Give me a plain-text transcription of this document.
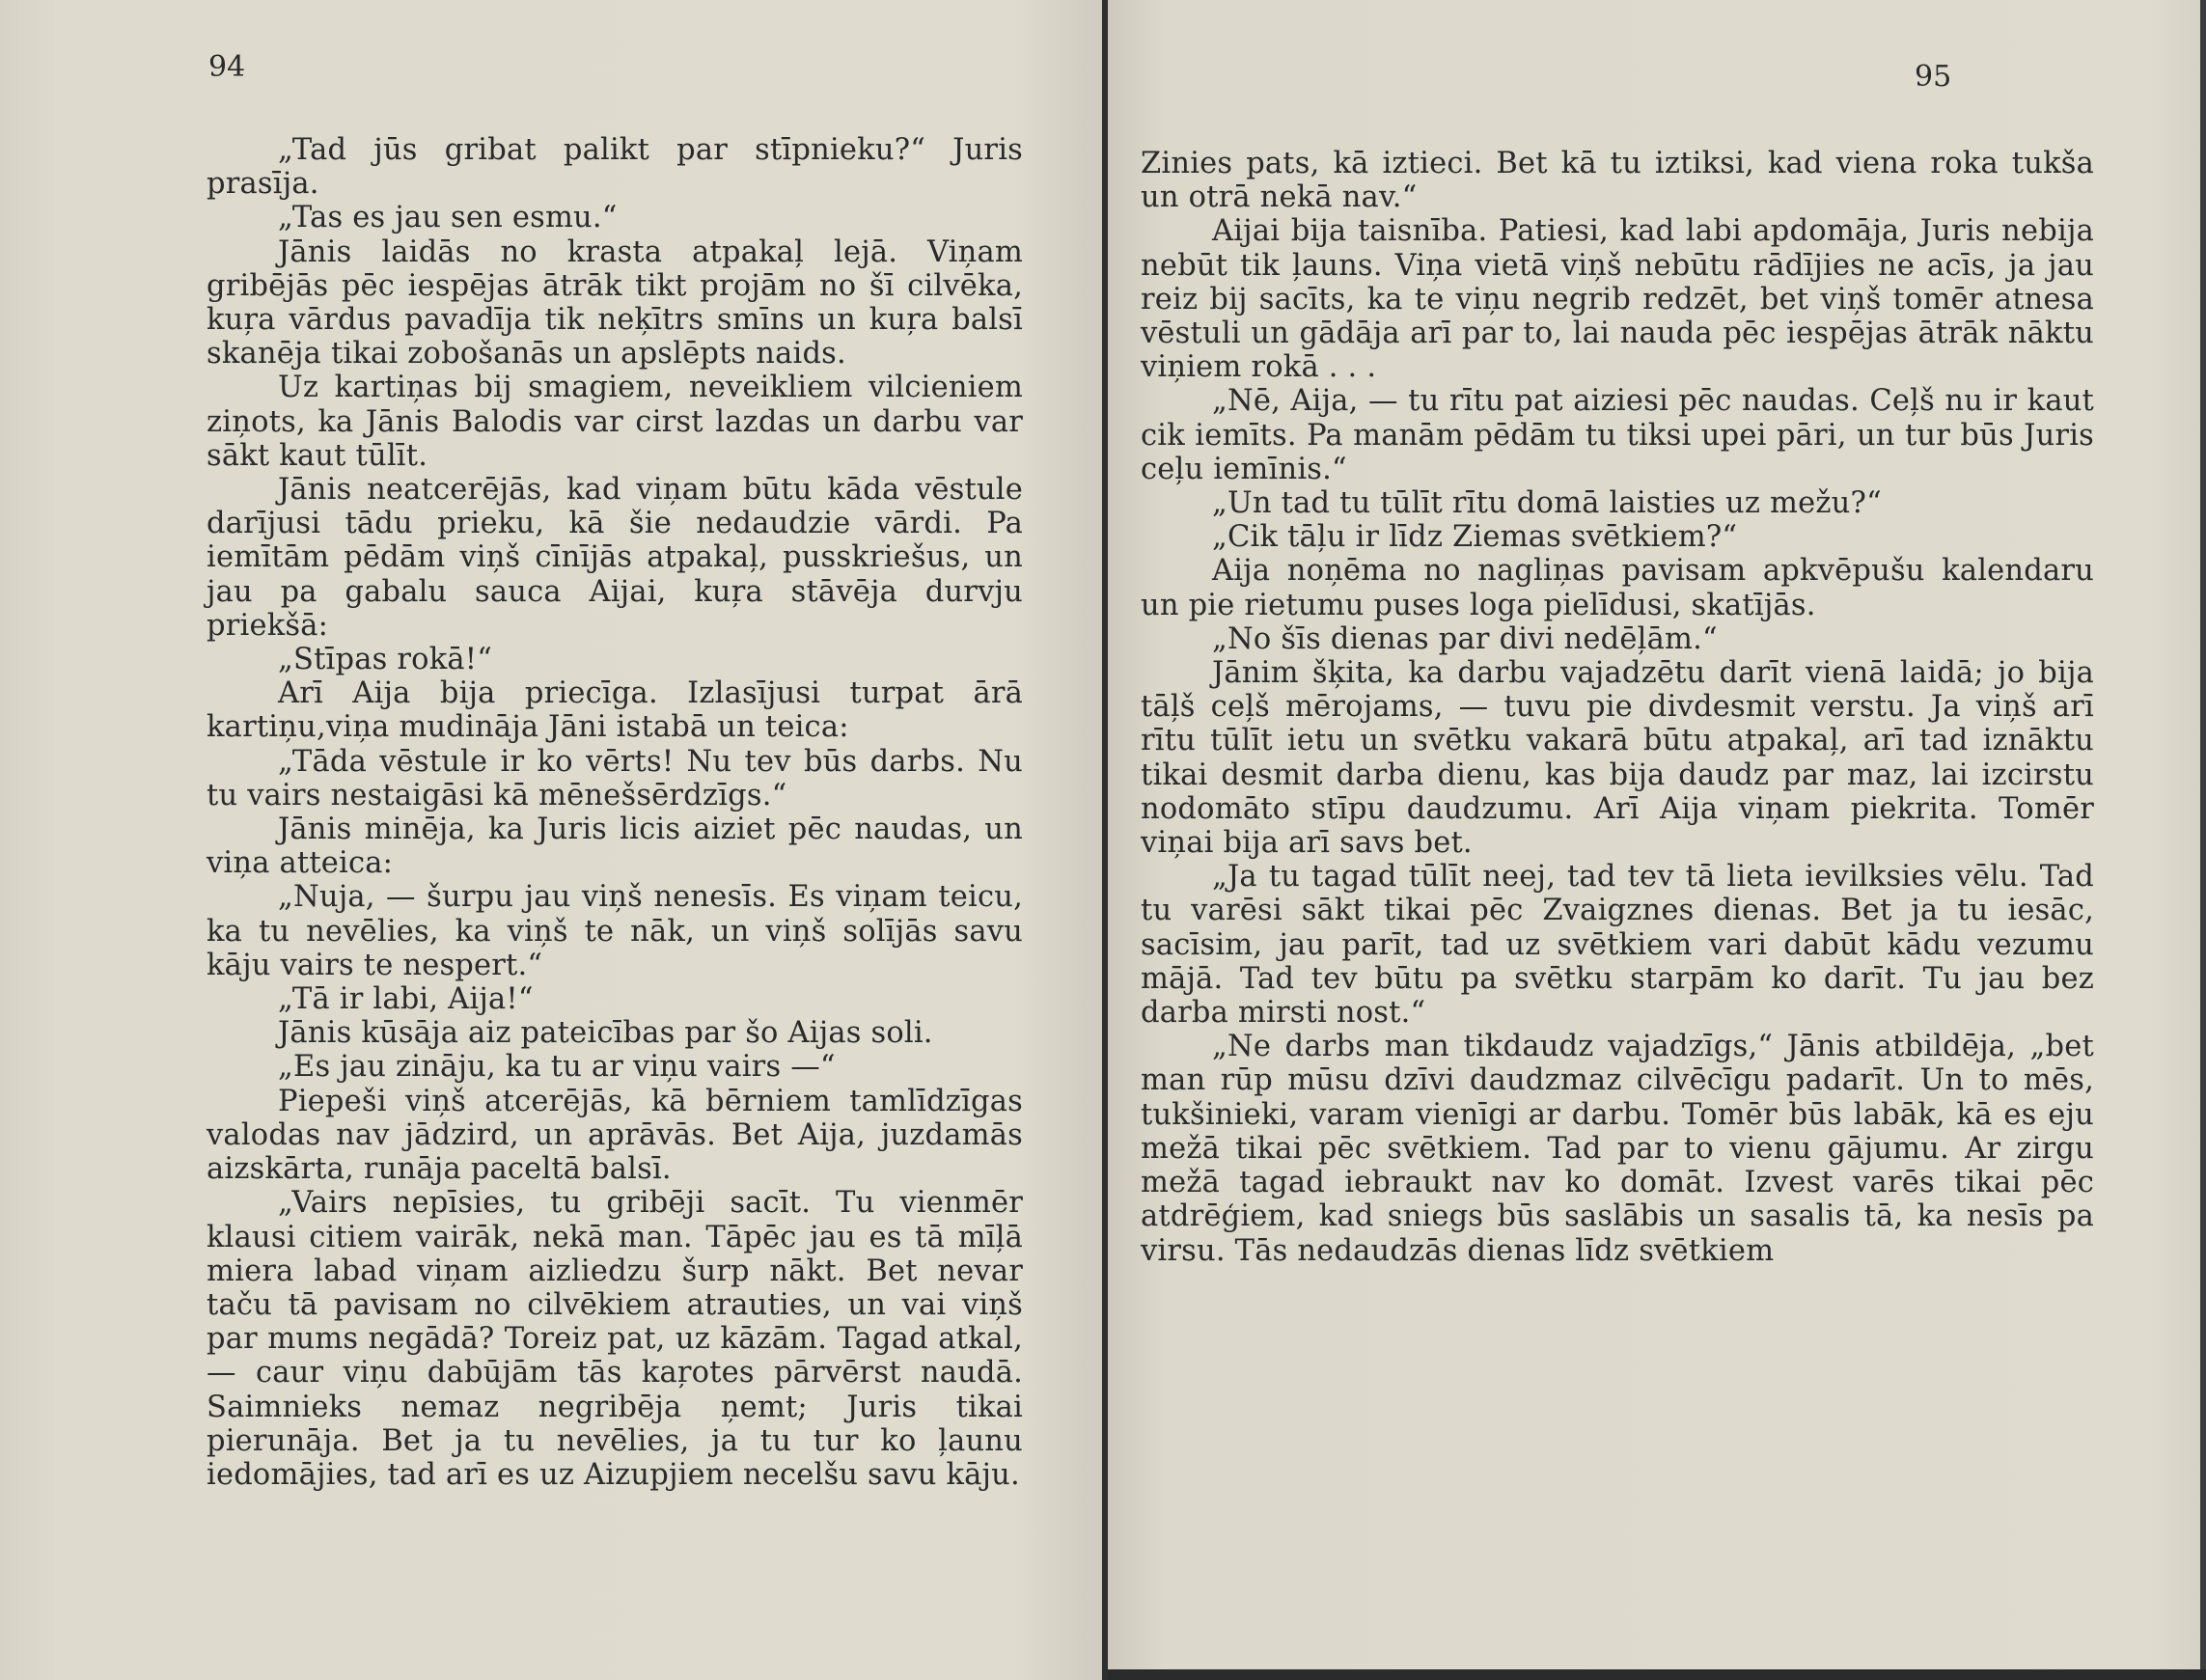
94

„Tad jūs gribat palikt par stīpnieku?“ Juris prasīja.

„Tas es jau sen esmu.“

Jānis laidās no krasta atpakaļ lejā. Viņam gribējās pēc iespējas ātrāk tikt projām no šī cilvēka, kuŗa vārdus pavadīja tik neķītrs smīns un kuŗa balsī skanēja tikai zobošanās un apslēpts naids.

Uz kartiņas bij smagiem, neveikliem vilcieniem ziņots, ka Jānis Balodis var cirst lazdas un darbu var sākt kaut tūlīt.

Jānis neatcerējās, kad viņam būtu kāda vēstule darījusi tādu prieku, kā šie nedaudzie vārdi. Pa iemītām pēdām viņš cīnījās atpakaļ, pusskriešus, un jau pa gabalu sauca Aijai, kuŗa stāvēja durvju priekšā:

„Stīpas rokā!“

Arī Aija bija priecīga. Izlasījusi turpat ārā kartiņu,viņa mudināja Jāni istabā un teica:

„Tāda vēstule ir ko vērts! Nu tev būs darbs. Nu tu vairs nestaigāsi kā mēnešsērdzīgs.“

Jānis minēja, ka Juris licis aiziet pēc naudas, un viņa atteica:

„Nuja, — šurpu jau viņš nenesīs. Es viņam teicu, ka tu nevēlies, ka viņš te nāk, un viņš solījās savu kāju vairs te nespert.“

„Tā ir labi, Aija!“

Jānis kūsāja aiz pateicības par šo Aijas soli.

„Es jau zināju, ka tu ar viņu vairs —“

Piepeši viņš atcerējās, kā bērniem tamlīdzīgas valodas nav jādzird, un aprāvās. Bet Aija, juzdamās aizskārta, runāja paceltā balsī.

„Vairs nepīsies, tu gribēji sacīt. Tu vienmēr klausi citiem vairāk, nekā man. Tāpēc jau es tā mīļā miera labad viņam aizliedzu šurp nākt. Bet nevar taču tā pavisam no cilvēkiem atrauties, un vai viņš par mums negādā? Toreiz pat, uz kāzām. Tagad atkal, — caur viņu dabūjām tās kaŗotes pārvērst naudā. Saimnieks nemaz negribēja ņemt; Juris tikai pierunāja. Bet ja tu nevēlies, ja tu tur ko ļaunu iedomājies, tad arī es uz Aizupjiem necelšu savu kāju.

95

Zinies pats, kā iztieci. Bet kā tu iztiksi, kad viena roka tukša un otrā nekā nav.“

Aijai bija taisnība. Patiesi, kad labi apdomāja, Juris nebija nebūt tik ļauns. Viņa vietā viņš nebūtu rādījies ne acīs, ja jau reiz bij sacīts, ka te viņu negrib redzēt, bet viņš tomēr atnesa vēstuli un gādāja arī par to, lai nauda pēc iespējas ātrāk nāktu viņiem rokā . . .

„Nē, Aija, — tu rītu pat aiziesi pēc naudas. Ceļš nu ir kaut cik iemīts. Pa manām pēdām tu tiksi upei pāri, un tur būs Juris ceļu iemīnis.“

„Un tad tu tūlīt rītu domā laisties uz mežu?“

„Cik tāļu ir līdz Ziemas svētkiem?“

Aija noņēma no nagliņas pavisam apkvēpušu kalendaru un pie rietumu puses loga pielīdusi, skatījās.

„No šīs dienas par divi nedēļām.“

Jānim šķita, ka darbu vajadzētu darīt vienā laidā; jo bija tāļš ceļš mērojams, — tuvu pie divdesmit verstu. Ja viņš arī rītu tūlīt ietu un svētku vakarā būtu atpakaļ, arī tad iznāktu tikai desmit darba dienu, kas bija daudz par maz, lai izcirstu nodomāto stīpu daudzumu. Arī Aija viņam piekrita. Tomēr viņai bija arī savs bet.

„Ja tu tagad tūlīt neej, tad tev tā lieta ievilksies vēlu. Tad tu varēsi sākt tikai pēc Zvaigznes dienas. Bet ja tu iesāc, sacīsim, jau parīt, tad uz svētkiem vari dabūt kādu vezumu mājā. Tad tev būtu pa svētku starpām ko darīt. Tu jau bez darba mirsti nost.“

„Ne darbs man tikdaudz vajadzīgs,“ Jānis atbildēja, „bet man rūp mūsu dzīvi daudzmaz cilvēcīgu padarīt. Un to mēs, tukšinieki, varam vienīgi ar darbu. Tomēr būs labāk, kā es eju mežā tikai pēc svētkiem. Tad par to vienu gājumu. Ar zirgu mežā tagad iebraukt nav ko domāt. Izvest varēs tikai pēc atdrēģiem, kad sniegs būs saslābis un sasalis tā, ka nesīs pa virsu. Tās nedaudzās dienas līdz svētkiem
